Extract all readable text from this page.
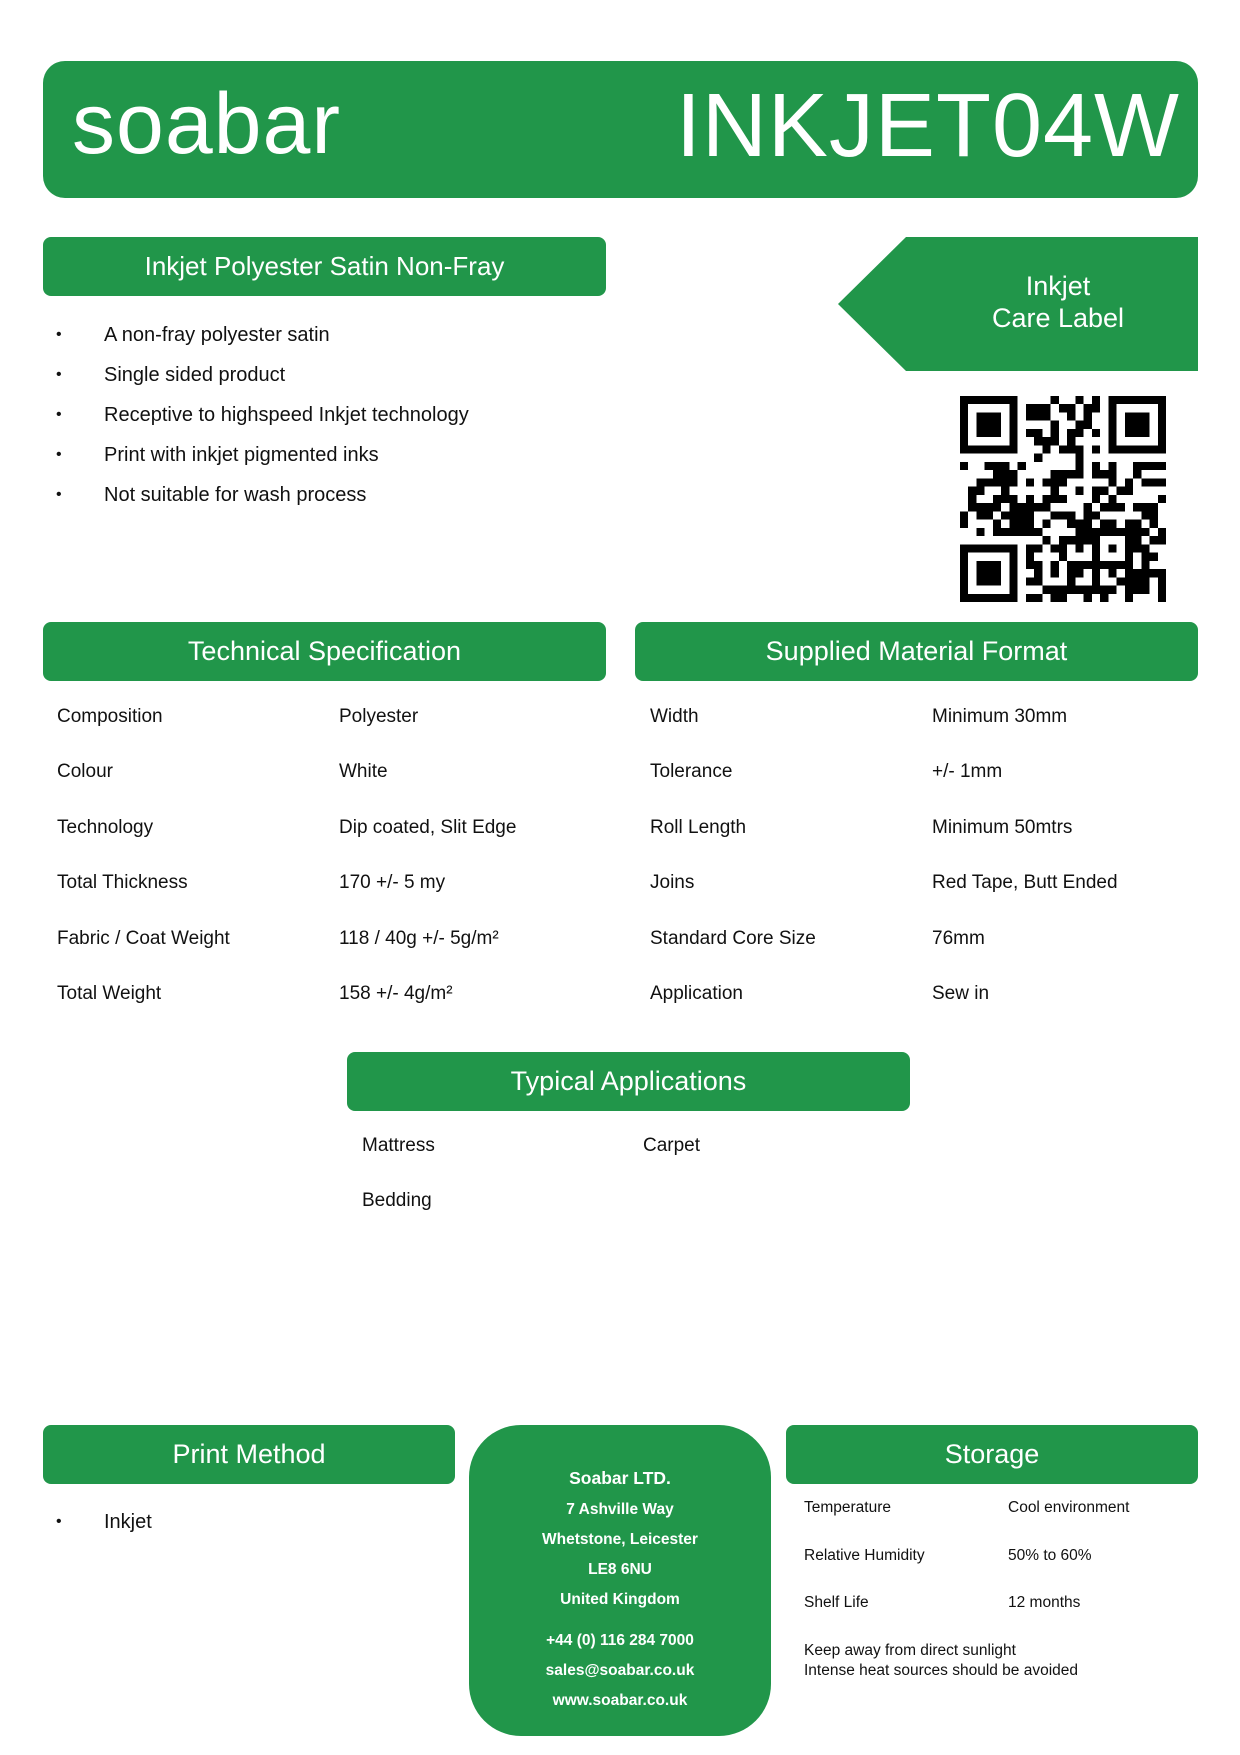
soabar	INKJET04W
Inkjet Polyester Satin Non-Fray
•	A non-fray polyester satin
•	Single sided product
•	Receptive to highspeed Inkjet technology
•	Print with inkjet pigmented inks
•	Not suitable for wash process
Inkjet
Care Label
Technical Specification
Composition	Polyester
Colour	White
Technology	Dip coated, Slit Edge
Total Thickness	170 +/- 5 my
Fabric / Coat Weight	118 / 40g +/- 5g/m²
Total Weight	158 +/- 4g/m²
Supplied Material Format
Width	Minimum 30mm
Tolerance	+/- 1mm
Roll Length	Minimum 50mtrs
Joins	Red Tape, Butt Ended
Standard Core Size	76mm
Application	Sew in
Typical Applications
Mattress	Carpet
Bedding
Print Method
•	Inkjet
Soabar LTD.
7 Ashville Way
Whetstone, Leicester
LE8 6NU
United Kingdom
+44 (0) 116 284 7000
sales@soabar.co.uk
www.soabar.co.uk
Storage
Temperature	Cool environment
Relative Humidity	50% to 60%
Shelf Life	12 months
Keep away from direct sunlight
Intense heat sources should be avoided
